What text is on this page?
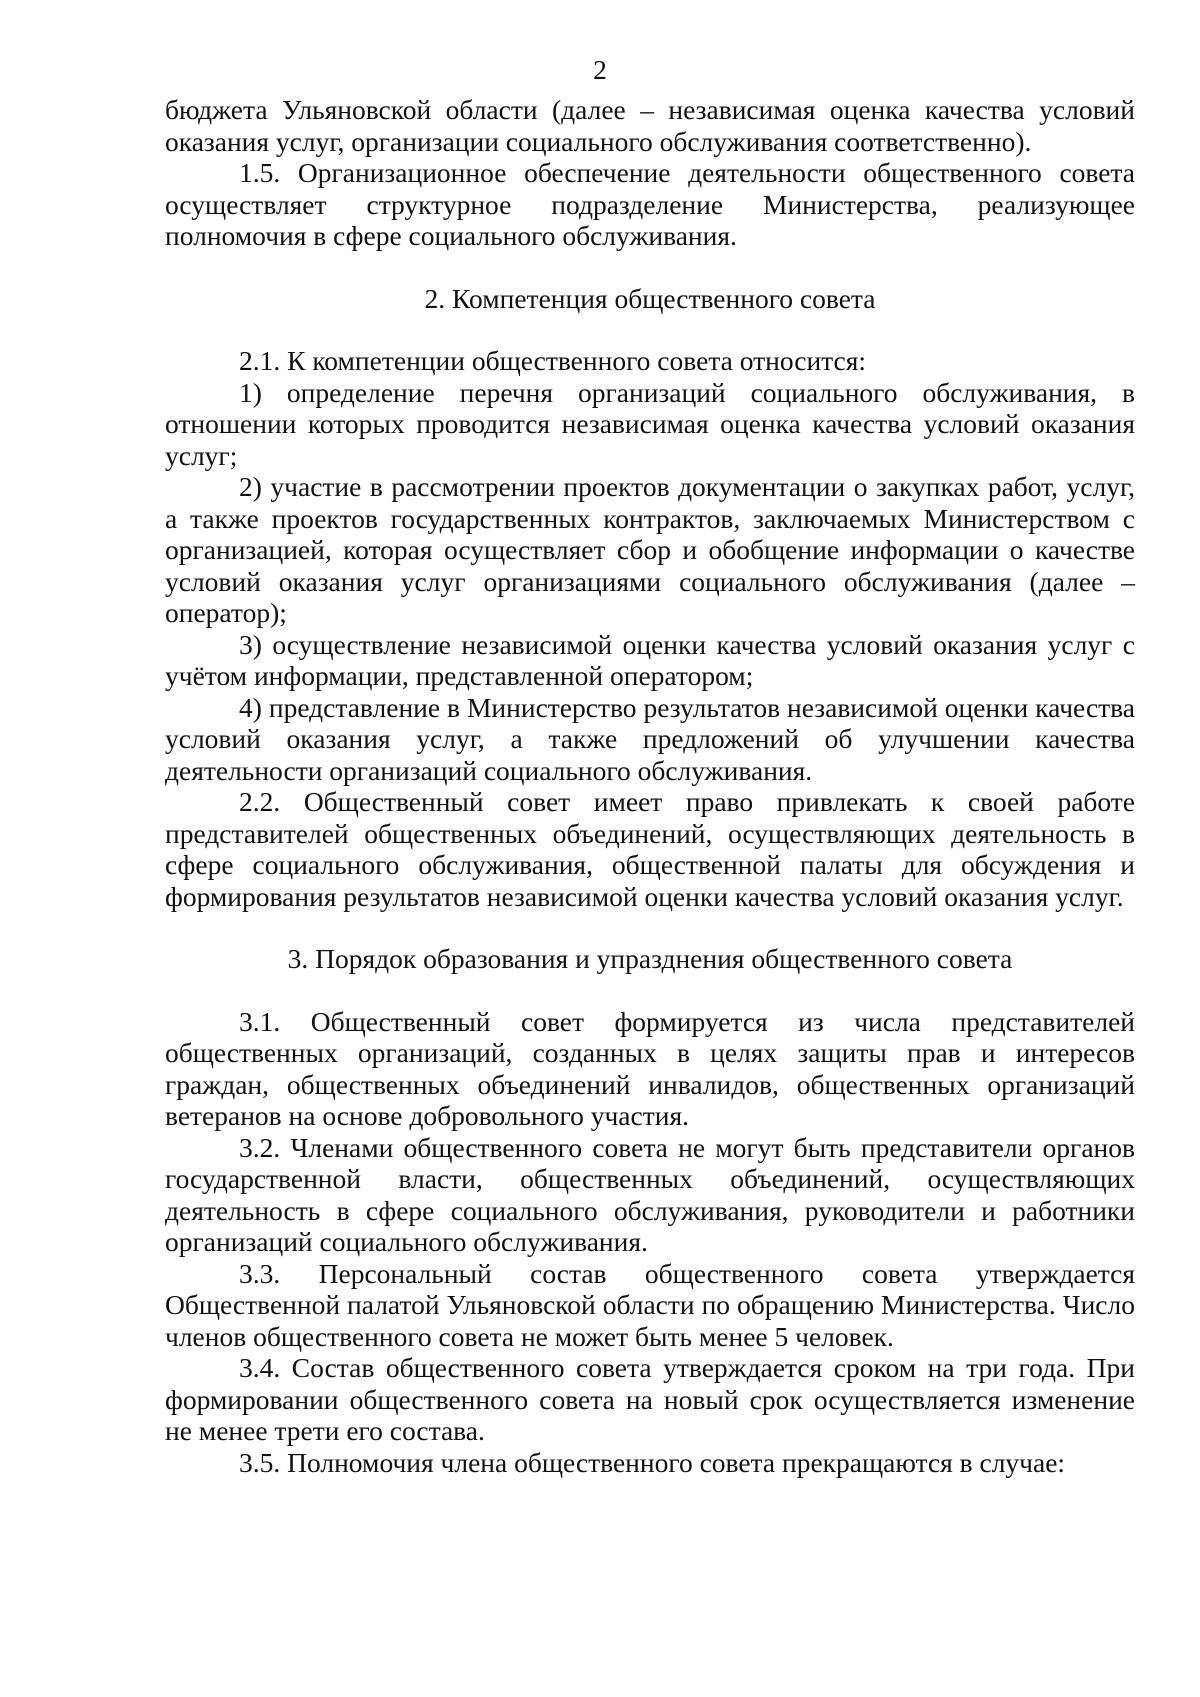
2

бюджета Ульяновской области (далее – независимая оценка качества условий оказания услуг, организации социального обслуживания соответственно).

1.5. Организационное обеспечение деятельности общественного совета осуществляет структурное подразделение Министерства, реализующее полномочия в сфере социального обслуживания.

2. Компетенция общественного совета

2.1. К компетенции общественного совета относится:

1) определение перечня организаций социального обслуживания, в отношении которых проводится независимая оценка качества условий оказания услуг;

2) участие в рассмотрении проектов документации о закупках работ, услуг, а также проектов государственных контрактов, заключаемых Министерством с организацией, которая осуществляет сбор и обобщение информации о качестве условий оказания услуг организациями социального обслуживания (далее – оператор);

3) осуществление независимой оценки качества условий оказания услуг с учётом информации, представленной оператором;

4) представление в Министерство результатов независимой оценки качества условий оказания услуг, а также предложений об улучшении качества деятельности организаций социального обслуживания.

2.2. Общественный совет имеет право привлекать к своей работе представителей общественных объединений, осуществляющих деятельность в сфере социального обслуживания, общественной палаты для обсуждения и формирования результатов независимой оценки качества условий оказания услуг.

3. Порядок образования и упразднения общественного совета

3.1. Общественный совет формируется из числа представителей общественных организаций, созданных в целях защиты прав и интересов граждан, общественных объединений инвалидов, общественных организаций ветеранов на основе добровольного участия.

3.2. Членами общественного совета не могут быть представители органов государственной власти, общественных объединений, осуществляющих деятельность в сфере социального обслуживания, руководители и работники организаций социального обслуживания.

3.3. Персональный состав общественного совета утверждается Общественной палатой Ульяновской области по обращению Министерства. Число членов общественного совета не может быть менее 5 человек.

3.4. Состав общественного совета утверждается сроком на три года. При формировании общественного совета на новый срок осуществляется изменение не менее трети его состава.

3.5. Полномочия члена общественного совета прекращаются в случае:
